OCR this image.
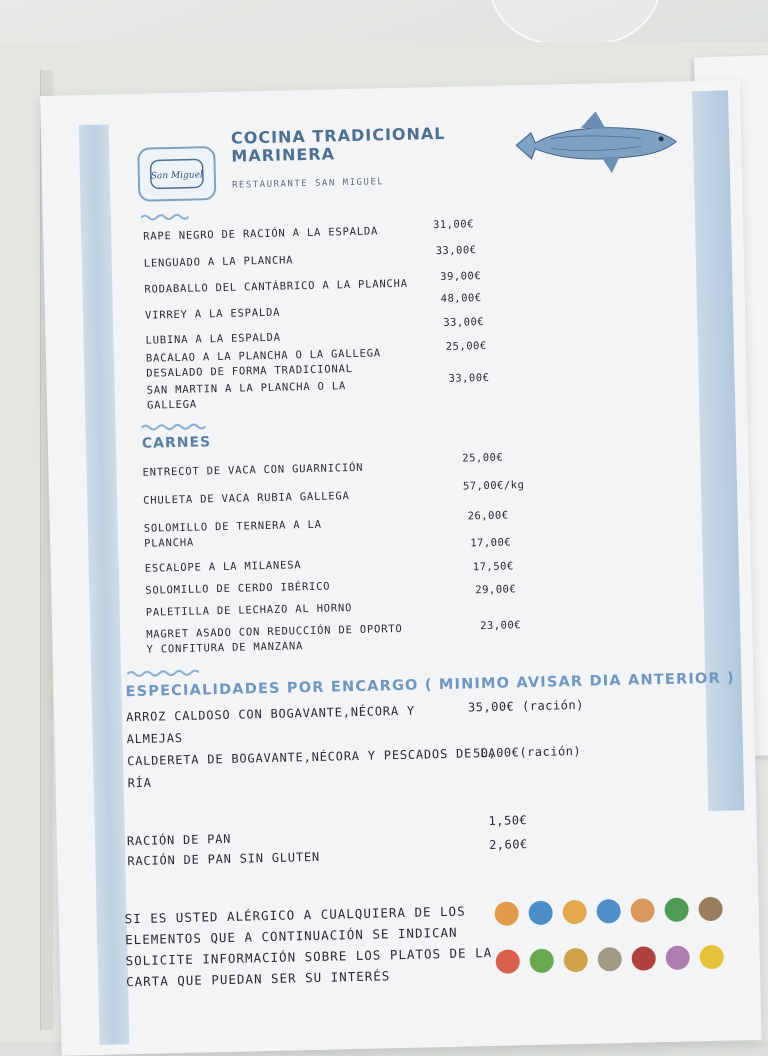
San Miguel
COCINA TRADICIONAL
MARINERA
RESTAURANTE SAN MIGUEL
RAPE NEGRO DE RACIÓN A LA ESPALDA
31,00€
LENGUADO A LA PLANCHA
33,00€
RODABALLO DEL CANTÁBRICO A LA PLANCHA
39,00€
VIRREY A LA ESPALDA
48,00€
LUBINA A LA ESPALDA
33,00€
BACALAO A LA PLANCHA O LA GALLEGA DESALADO DE FORMA TRADICIONAL
25,00€
SAN MARTIN A LA PLANCHA O LA GALLEGA
33,00€
CARNES
ENTRECOT DE VACA CON GUARNICIÓN
25,00€
CHULETA DE VACA RUBIA GALLEGA
57,00€/kg
SOLOMILLO DE TERNERA A LA PLANCHA
26,00€
ESCALOPE A LA MILANESA
17,00€
SOLOMILLO DE CERDO IBÉRICO
17,50€
PALETILLA DE LECHAZO AL HORNO
29,00€
MAGRET ASADO CON REDUCCIÓN DE OPORTO Y CONFITURA DE MANZANA
23,00€
ESPECIALIDADES POR ENCARGO ( MINIMO AVISAR DIA ANTERIOR )
ARROZ CALDOSO CON BOGAVANTE,NÉCORA Y ALMEJAS
35,00€ (ración)
CALDERETA DE BOGAVANTE,NÉCORA Y PESCADOS DE LA RÍA
50,00€(ración)
RACIÓN DE PAN
1,50€
RACIÓN DE PAN SIN GLUTEN
2,60€
SI ES USTED ALÉRGICO A CUALQUIERA DE LOS ELEMENTOS QUE A CONTINUACIÓN SE INDICAN SOLICITE INFORMACIÓN SOBRE LOS PLATOS DE LA CARTA QUE PUEDAN SER SU INTERÉS
